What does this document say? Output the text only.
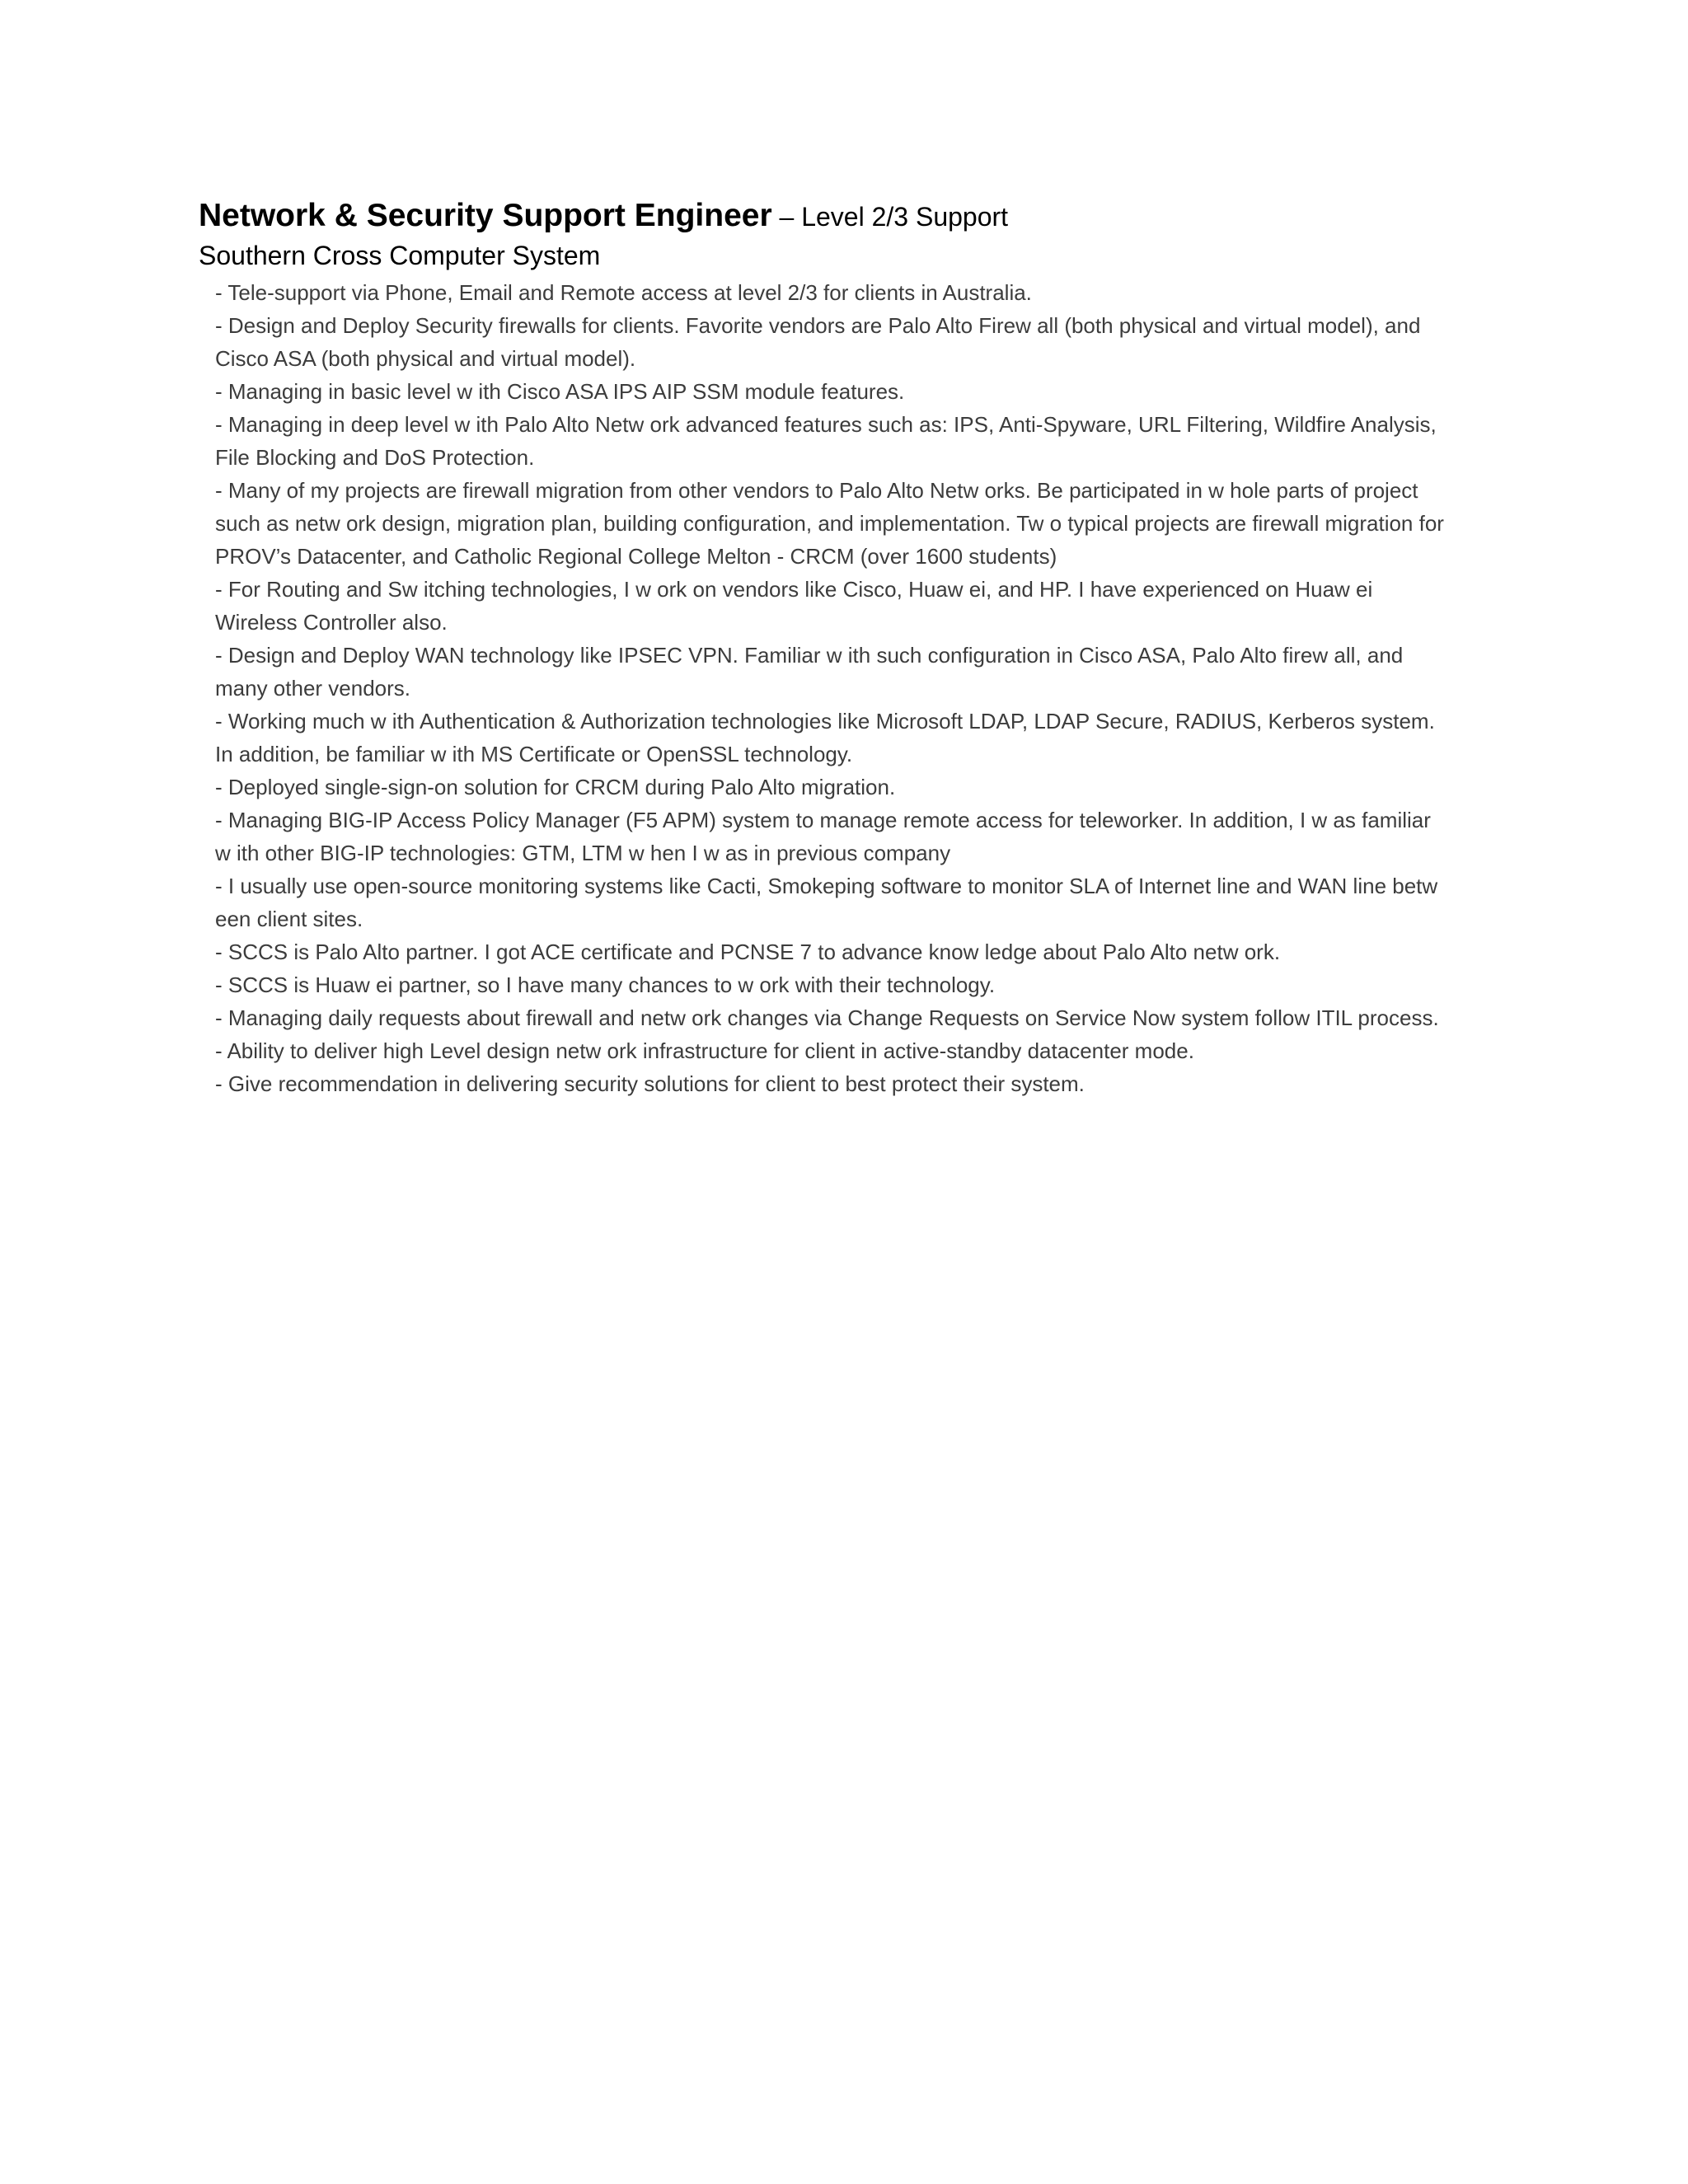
Network & Security Support Engineer – Level 2/3 Support
Southern Cross Computer System
- Tele-support via Phone, Email and Remote access at level 2/3 for clients in Australia.
- Design and Deploy Security firewalls for clients. Favorite vendors are Palo Alto Firew all (both physical and virtual model), and Cisco ASA (both physical and virtual model).
- Managing in basic level w ith Cisco ASA IPS AIP SSM module features.
- Managing in deep level w ith Palo Alto Netw ork advanced features such as: IPS, Anti-Spyware, URL Filtering, Wildfire Analysis, File Blocking and DoS Protection.
- Many of my projects are firewall migration from other vendors to Palo Alto Netw orks. Be participated in w hole parts of project such as netw ork design, migration plan, building configuration, and implementation. Tw o typical projects are firewall migration for PROV’s Datacenter, and Catholic Regional College Melton - CRCM (over 1600 students)
- For Routing and Sw itching technologies, I w ork on vendors like Cisco, Huaw ei, and HP. I have experienced on Huaw ei Wireless Controller also.
- Design and Deploy WAN technology like IPSEC VPN. Familiar w ith such configuration in Cisco ASA, Palo Alto firew all, and many other vendors.
- Working much w ith Authentication & Authorization technologies like Microsoft LDAP, LDAP Secure, RADIUS, Kerberos system. In addition, be familiar w ith MS Certificate or OpenSSL technology.
- Deployed single-sign-on solution for CRCM during Palo Alto migration.
- Managing BIG-IP Access Policy Manager (F5 APM) system to manage remote access for teleworker. In addition, I w as familiar w ith other BIG-IP technologies: GTM, LTM w hen I w as in previous company
- I usually use open-source monitoring systems like Cacti, Smokeping software to monitor SLA of Internet line and WAN line betw een client sites.
- SCCS is Palo Alto partner. I got ACE certificate and PCNSE 7 to advance know ledge about Palo Alto netw ork.
- SCCS is Huaw ei partner, so I have many chances to w ork with their technology.
- Managing daily requests about firewall and netw ork changes via Change Requests on Service Now system follow ITIL process.
- Ability to deliver high Level design netw ork infrastructure for client in active-standby datacenter mode.
- Give recommendation in delivering security solutions for client to best protect their system.
